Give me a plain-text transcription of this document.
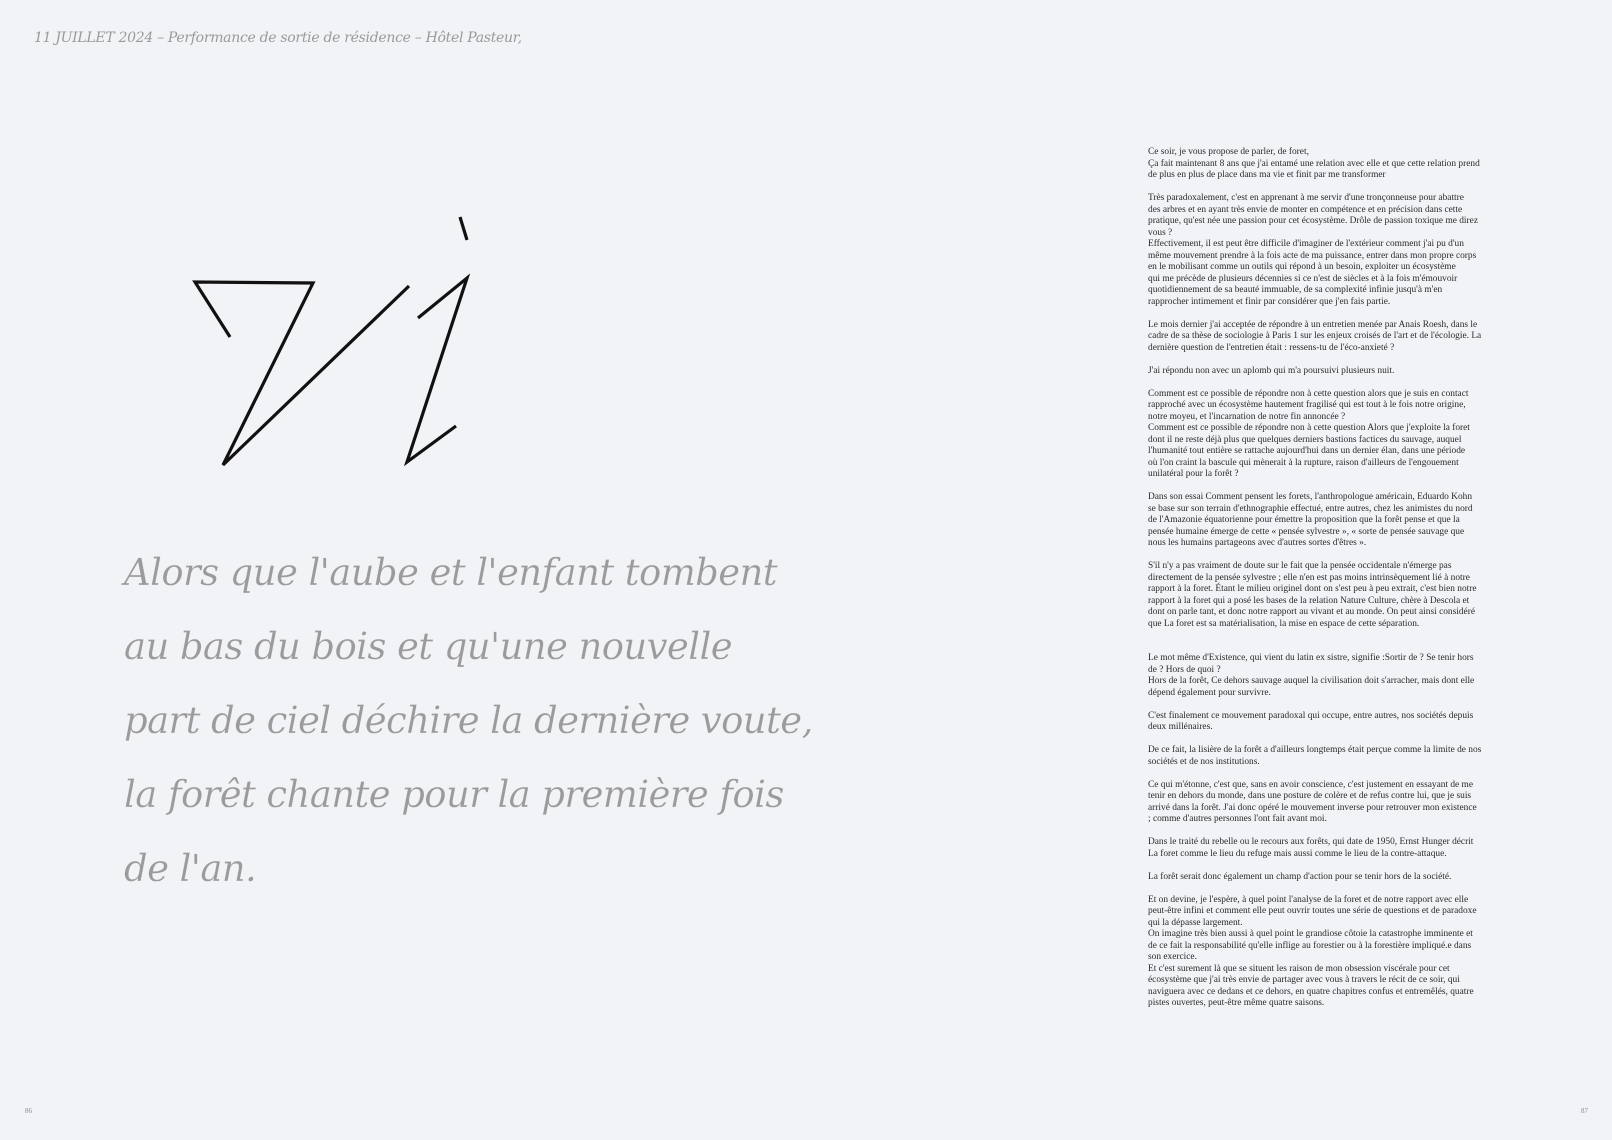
11 JUILLET 2024 – Performance de sortie de résidence – Hôtel Pasteur,
Alors que l'aube et l'enfant tombent
au bas du bois et qu'une nouvelle
part de ciel déchire la dernière voute,
la forêt chante pour la première fois
de l'an.

Ce soir, je vous propose de parler, de foret,
Ça fait maintenant 8 ans que j'ai entamé une relation avec elle et que cette relation prend
de plus en plus de place dans ma vie et finit par me transformer

Très paradoxalement, c'est en apprenant à me servir d'une tronçonneuse pour abattre
des arbres et en ayant très envie de monter en compétence et en précision dans cette
pratique, qu'est née une passion pour cet écosystème. Drôle de passion toxique me direz
vous ?
Effectivement, il est peut être difficile d'imaginer de l'extérieur comment j'ai pu d'un
même mouvement prendre à la fois acte de ma puissance, entrer dans mon propre corps
en le mobilisant comme un outils qui répond à un besoin, exploiter un écosystème
qui me précède de plusieurs décennies si ce n'est de siècles et à la fois m'émouvoir
quotidiennement de sa beauté immuable, de sa complexité infinie jusqu'à m'en
rapprocher intimement et finir par considérer que j'en fais partie.

Le mois dernier j'ai acceptée de répondre à un entretien menée par Anais Roesh, dans le
cadre de sa thèse de sociologie à Paris 1 sur les enjeux croisés de l'art et de l'écologie. La
dernière question de l'entretien était : ressens-tu de l'éco-anxieté ?

J'ai répondu non avec un aplomb qui m'a poursuivi plusieurs nuit.

Comment est ce possible de répondre non à cette question alors que je suis en contact
rapproché avec un écosystème hautement fragilisé qui est tout à le fois notre origine,
notre moyeu, et l'incarnation de notre fin annoncée ?
Comment est ce possible de répondre non à cette question Alors que j'exploite la foret
dont il ne reste déjà plus que quelques derniers bastions factices du sauvage, auquel
l'humanité tout entière se rattache aujourd'hui dans un dernier élan, dans une période
où l'on craint la bascule qui mènerait à la rupture, raison d'ailleurs de l'engouement
unilatéral pour la forêt ?

Dans son essai Comment pensent les forets, l'anthropologue américain, Eduardo Kohn
se base sur son terrain d'ethnographie effectué, entre autres, chez les animistes du nord
de l'Amazonie équatorienne pour émettre la proposition que la forêt pense et que la
pensée humaine émerge de cette « pensée sylvestre », « sorte de pensée sauvage que
nous les humains partageons avec d'autres sortes d'êtres ».

S'il n'y a pas vraiment de doute sur le fait que la pensée occidentale n'émerge pas
directement de la pensée sylvestre ; elle n'en est pas moins intrinsèquement lié à notre
rapport à la foret. Étant le milieu originel dont on s'est peu à peu extrait, c'est bien notre
rapport à la foret qui a posé les bases de la relation Nature Culture, chère à Descola et
dont on parle tant, et donc notre rapport au vivant et au monde. On peut ainsi considéré
que La foret est sa matérialisation, la mise en espace de cette séparation.

Le mot même d'Existence, qui vient du latin ex sistre, signifie :Sortir de ? Se tenir hors
de ? Hors de quoi ?
Hors de la forêt, Ce dehors sauvage auquel la civilisation doit s'arracher, mais dont elle
dépend également pour survivre.

C'est finalement ce mouvement paradoxal qui occupe, entre autres, nos sociétés depuis
deux millénaires.

De ce fait, la lisière de la forêt a d'ailleurs longtemps était perçue comme la limite de nos
sociétés et de nos institutions.

Ce qui m'étonne, c'est que, sans en avoir conscience, c'est justement en essayant de me
tenir en dehors du monde, dans une posture de colère et de refus contre lui, que je suis
arrivé dans la forêt. J'ai donc opéré le mouvement inverse pour retrouver mon existence
; comme d'autres personnes l'ont fait avant moi.

Dans le traité du rebelle ou le recours aux forêts, qui date de 1950, Ernst Hunger décrit
La foret comme le lieu du refuge mais aussi comme le lieu de la contre-attaque.

La forêt serait donc également un champ d'action pour se tenir hors de la société.

Et on devine, je l'espère, à quel point l'analyse de la foret et de notre rapport avec elle
peut-être infini et comment elle peut ouvrir toutes une série de questions et de paradoxe
qui la dépasse largement.
On imagine très bien aussi à quel point le grandiose côtoie la catastrophe imminente et
de ce fait la responsabilité qu'elle inflige au forestier ou à la forestière impliqué.e dans
son exercice.
Et c'est surement là que se situent les raison de mon obsession viscérale pour cet
écosystème que j'ai très envie de partager avec vous à travers le récit de ce soir, qui
naviguera avec ce dedans et ce dehors, en quatre chapitres confus et entremêlés, quatre
pistes ouvertes, peut-être même quatre saisons.

86	87
